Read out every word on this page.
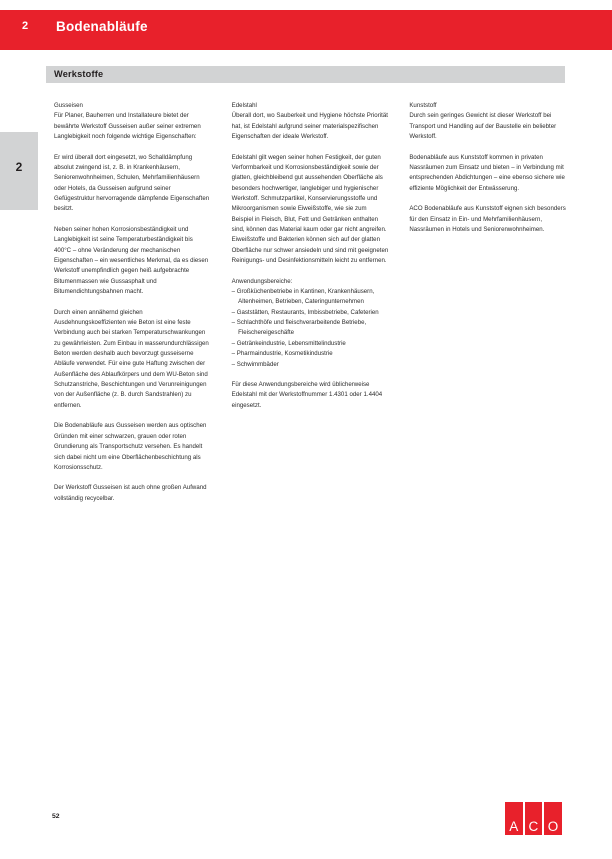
2 Bodenabläufe
2
Werkstoffe

Gusseisen

Für Planer, Bauherren und Installateure bietet der bewährte Werkstoff Gusseisen außer seiner extremen Langlebigkeit noch folgende wichtige Eigenschaften:

Er wird überall dort eingesetzt, wo Schalldämpfung absolut zwingend ist, z. B. in Krankenhäusern, Seniorenwohnheimen, Schulen, Mehrfamilienhäusern oder Hotels, da Gusseisen aufgrund seiner Gefügestruktur hervorragende dämpfende Eigenschaften besitzt.

Neben seiner hohen Korrosionsbeständigkeit und Langlebigkeit ist seine Temperaturbeständigkeit bis 400°C – ohne Veränderung der mechanischen Eigenschaften – ein wesentliches Merkmal, da es diesen Werkstoff unempfindlich gegen heiß aufgebrachte Bitumenmassen wie Gussasphalt und Bitumendichtungsbahnen macht.

Durch einen annähernd gleichen Ausdehnungskoeffizienten wie Beton ist eine feste Verbindung auch bei starken Temperaturschwankungen zu gewährleisten. Zum Einbau in wasserundurchlässigen Beton werden deshalb auch bevorzugt gusseiserne Abläufe verwendet. Für eine gute Haftung zwischen der Außenfläche des Ablaufkörpers und dem WU-Beton sind Schutzanstriche, Beschichtungen und Verunreinigungen von der Außenfläche (z. B. durch Sandstrahlen) zu entfernen.

Die Bodenabläufe aus Gusseisen werden aus optischen Gründen mit einer schwarzen, grauen oder roten Grundierung als Transportschutz versehen. Es handelt sich dabei nicht um eine Oberflächenbeschichtung als Korrosionsschutz.

Der Werkstoff Gusseisen ist auch ohne großen Aufwand vollständig recycelbar.

Edelstahl

Überall dort, wo Sauberkeit und Hygiene höchste Priorität hat, ist Edelstahl aufgrund seiner materialspezifischen Eigenschaften der ideale Werkstoff.

Edelstahl gilt wegen seiner hohen Festigkeit, der guten Verformbarkeit und Korrosionsbeständigkeit sowie der glatten, gleichbleibend gut aussehenden Oberfläche als besonders hochwertiger, langlebiger und hygienischer Werkstoff. Schmutzpartikel, Konservierungsstoffe und Mikroorganismen sowie Eiweißstoffe, wie sie zum Beispiel in Fleisch, Blut, Fett und Getränken enthalten sind, können das Material kaum oder gar nicht angreifen. Eiweißstoffe und Bakterien können sich auf der glatten Oberfläche nur schwer ansiedeln und sind mit geeigneten Reinigungs- und Desinfektionsmitteln leicht zu entfernen.

Anwendungsbereiche:

– Großküchenbetriebe in Kantinen, Krankenhäusern, Altenheimen, Betrieben, Cateringunternehmen
– Gaststätten, Restaurants, Imbissbetriebe, Cafeterien
– Schlachthöfe und fleischverarbeitende Betriebe, Fleischereigeschäfte
– Getränkeindustrie, Lebensmittelindustrie
– Pharmaindustrie, Kosmetikindustrie
– Schwimmbäder

Für diese Anwendungsbereiche wird üblicherweise Edelstahl mit der Werkstoffnummer 1.4301 oder 1.4404 eingesetzt.

Kunststoff

Durch sein geringes Gewicht ist dieser Werkstoff bei Transport und Handling auf der Baustelle ein beliebter Werkstoff.

Bodenabläufe aus Kunststoff kommen in privaten Nassräumen zum Einsatz und bieten – in Verbindung mit entsprechenden Abdichtungen – eine ebenso sichere wie effiziente Möglichkeit der Entwässerung.

ACO Bodenabläufe aus Kunststoff eignen sich besonders für den Einsatz in Ein- und Mehrfamilienhäusern, Nassräumen in Hotels und Seniorenwohnheimen.

52
A C O
